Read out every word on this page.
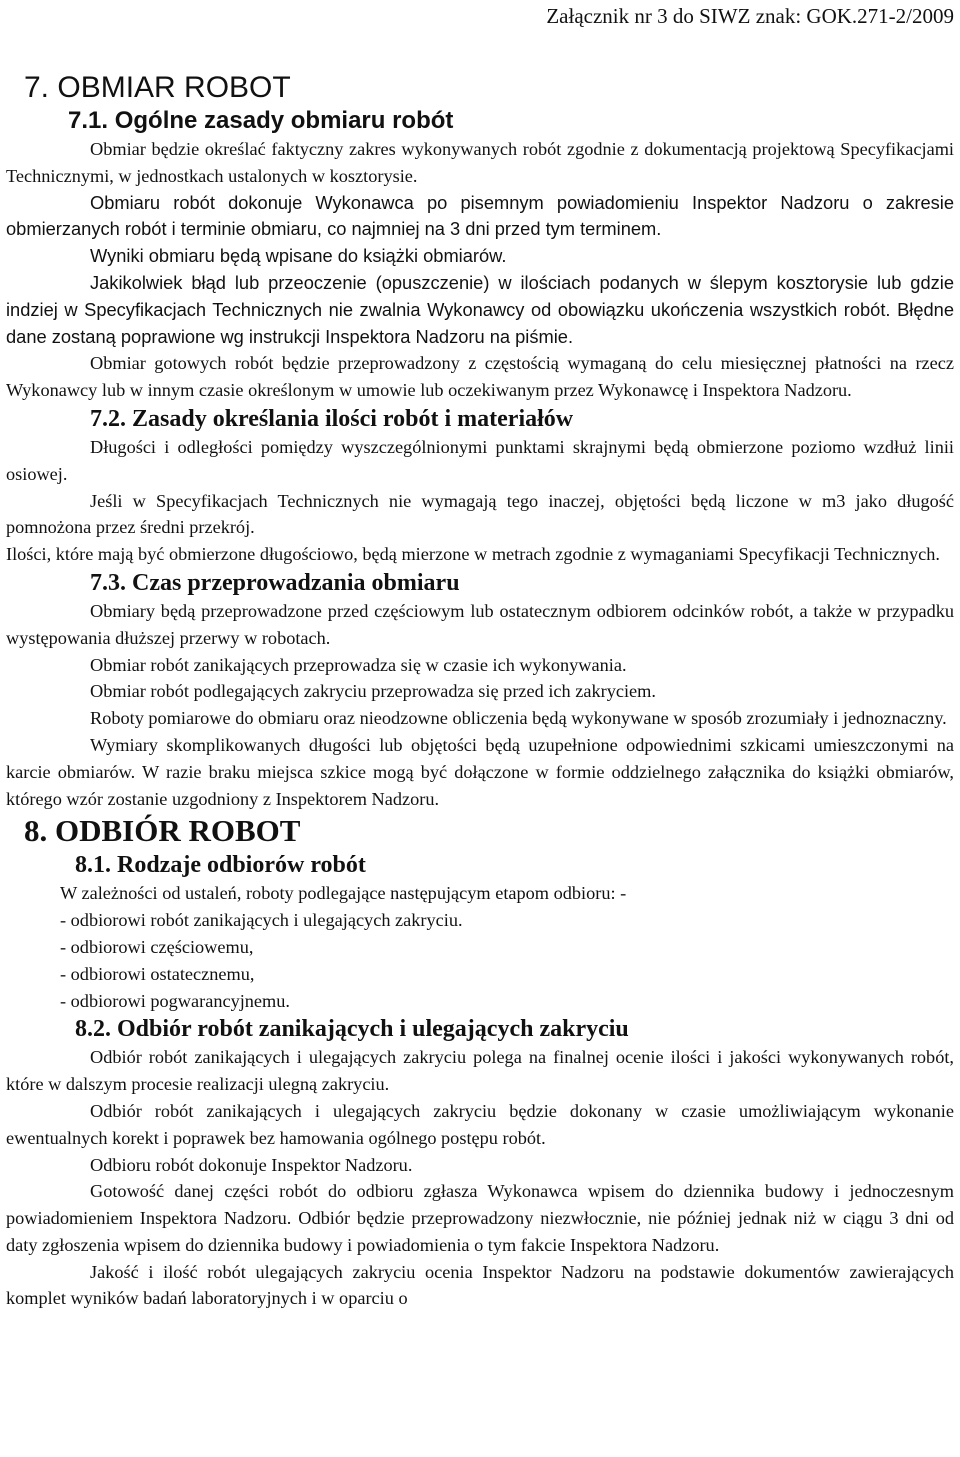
Załącznik nr 3 do SIWZ znak: GOK.271-2/2009
7. OBMIAR ROBOT
7.1. Ogólne zasady obmiaru robót

Obmiar będzie określać faktyczny zakres wykonywanych robót zgodnie z dokumentacją projektową Specyfikacjami Technicznymi, w jednostkach ustalonych w kosztorysie.

Obmiaru robót dokonuje Wykonawca po pisemnym powiadomieniu Inspektor Nadzoru o zakresie obmierzanych robót i terminie obmiaru, co najmniej na 3 dni przed tym terminem.

Wyniki obmiaru będą wpisane do książki obmiarów.

Jakikolwiek błąd lub przeoczenie (opuszczenie) w ilościach podanych w ślepym kosztorysie lub gdzie indziej w Specyfikacjach Technicznych nie zwalnia Wykonawcy od obowiązku ukończenia wszystkich robót. Błędne dane zostaną poprawione wg instrukcji Inspektora Nadzoru na piśmie.

Obmiar gotowych robót będzie przeprowadzony z częstością wymaganą do celu miesięcznej płatności na rzecz Wykonawcy lub w innym czasie określonym w umowie lub oczekiwanym przez Wykonawcę i Inspektora Nadzoru.

7.2. Zasady określania ilości robót i materiałów

Długości i odległości pomiędzy wyszczególnionymi punktami skrajnymi będą obmierzone poziomo wzdłuż linii osiowej.

Jeśli w Specyfikacjach Technicznych nie wymagają tego inaczej, objętości będą liczone w m3 jako długość pomnożona przez średni przekrój.

Ilości, które mają być obmierzone długościowo, będą mierzone w metrach zgodnie z wymaganiami Specyfikacji Technicznych.

7.3. Czas przeprowadzania obmiaru

Obmiary będą przeprowadzone przed częściowym lub ostatecznym odbiorem odcinków robót, a także w przypadku występowania dłuższej przerwy w robotach.

Obmiar robót zanikających przeprowadza się w czasie ich wykonywania.

Obmiar robót podlegających zakryciu przeprowadza się przed ich zakryciem.

Roboty pomiarowe do obmiaru oraz nieodzowne obliczenia będą wykonywane w sposób zrozumiały i jednoznaczny.

Wymiary skomplikowanych długości lub objętości będą uzupełnione odpowiednimi szkicami umieszczonymi na karcie obmiarów. W razie braku miejsca szkice mogą być dołączone w formie oddzielnego załącznika do książki obmiarów, którego wzór zostanie uzgodniony z Inspektorem Nadzoru.

8. ODBIÓR ROBOT
8.1. Rodzaje odbiorów robót

W zależności od ustaleń, roboty podlegające następującym etapom odbioru: -

- odbiorowi robót zanikających i ulegających zakryciu.

- odbiorowi częściowemu,

- odbiorowi ostatecznemu,

- odbiorowi pogwarancyjnemu.

8.2. Odbiór robót zanikających i ulegających zakryciu

Odbiór robót zanikających i ulegających zakryciu polega na finalnej ocenie ilości i jakości wykonywanych robót, które w dalszym procesie realizacji ulegną zakryciu.

Odbiór robót zanikających i ulegających zakryciu będzie dokonany w czasie umożliwiającym wykonanie ewentualnych korekt i poprawek bez hamowania ogólnego postępu robót.

Odbioru robót dokonuje Inspektor Nadzoru.

Gotowość danej części robót do odbioru zgłasza Wykonawca wpisem do dziennika budowy i jednoczesnym powiadomieniem Inspektora Nadzoru. Odbiór będzie przeprowadzony niezwłocznie, nie później jednak niż w ciągu 3 dni od daty zgłoszenia wpisem do dziennika budowy i powiadomienia o tym fakcie Inspektora Nadzoru.

Jakość i ilość robót ulegających zakryciu ocenia Inspektor Nadzoru na podstawie dokumentów zawierających komplet wyników badań laboratoryjnych i w oparciu o
